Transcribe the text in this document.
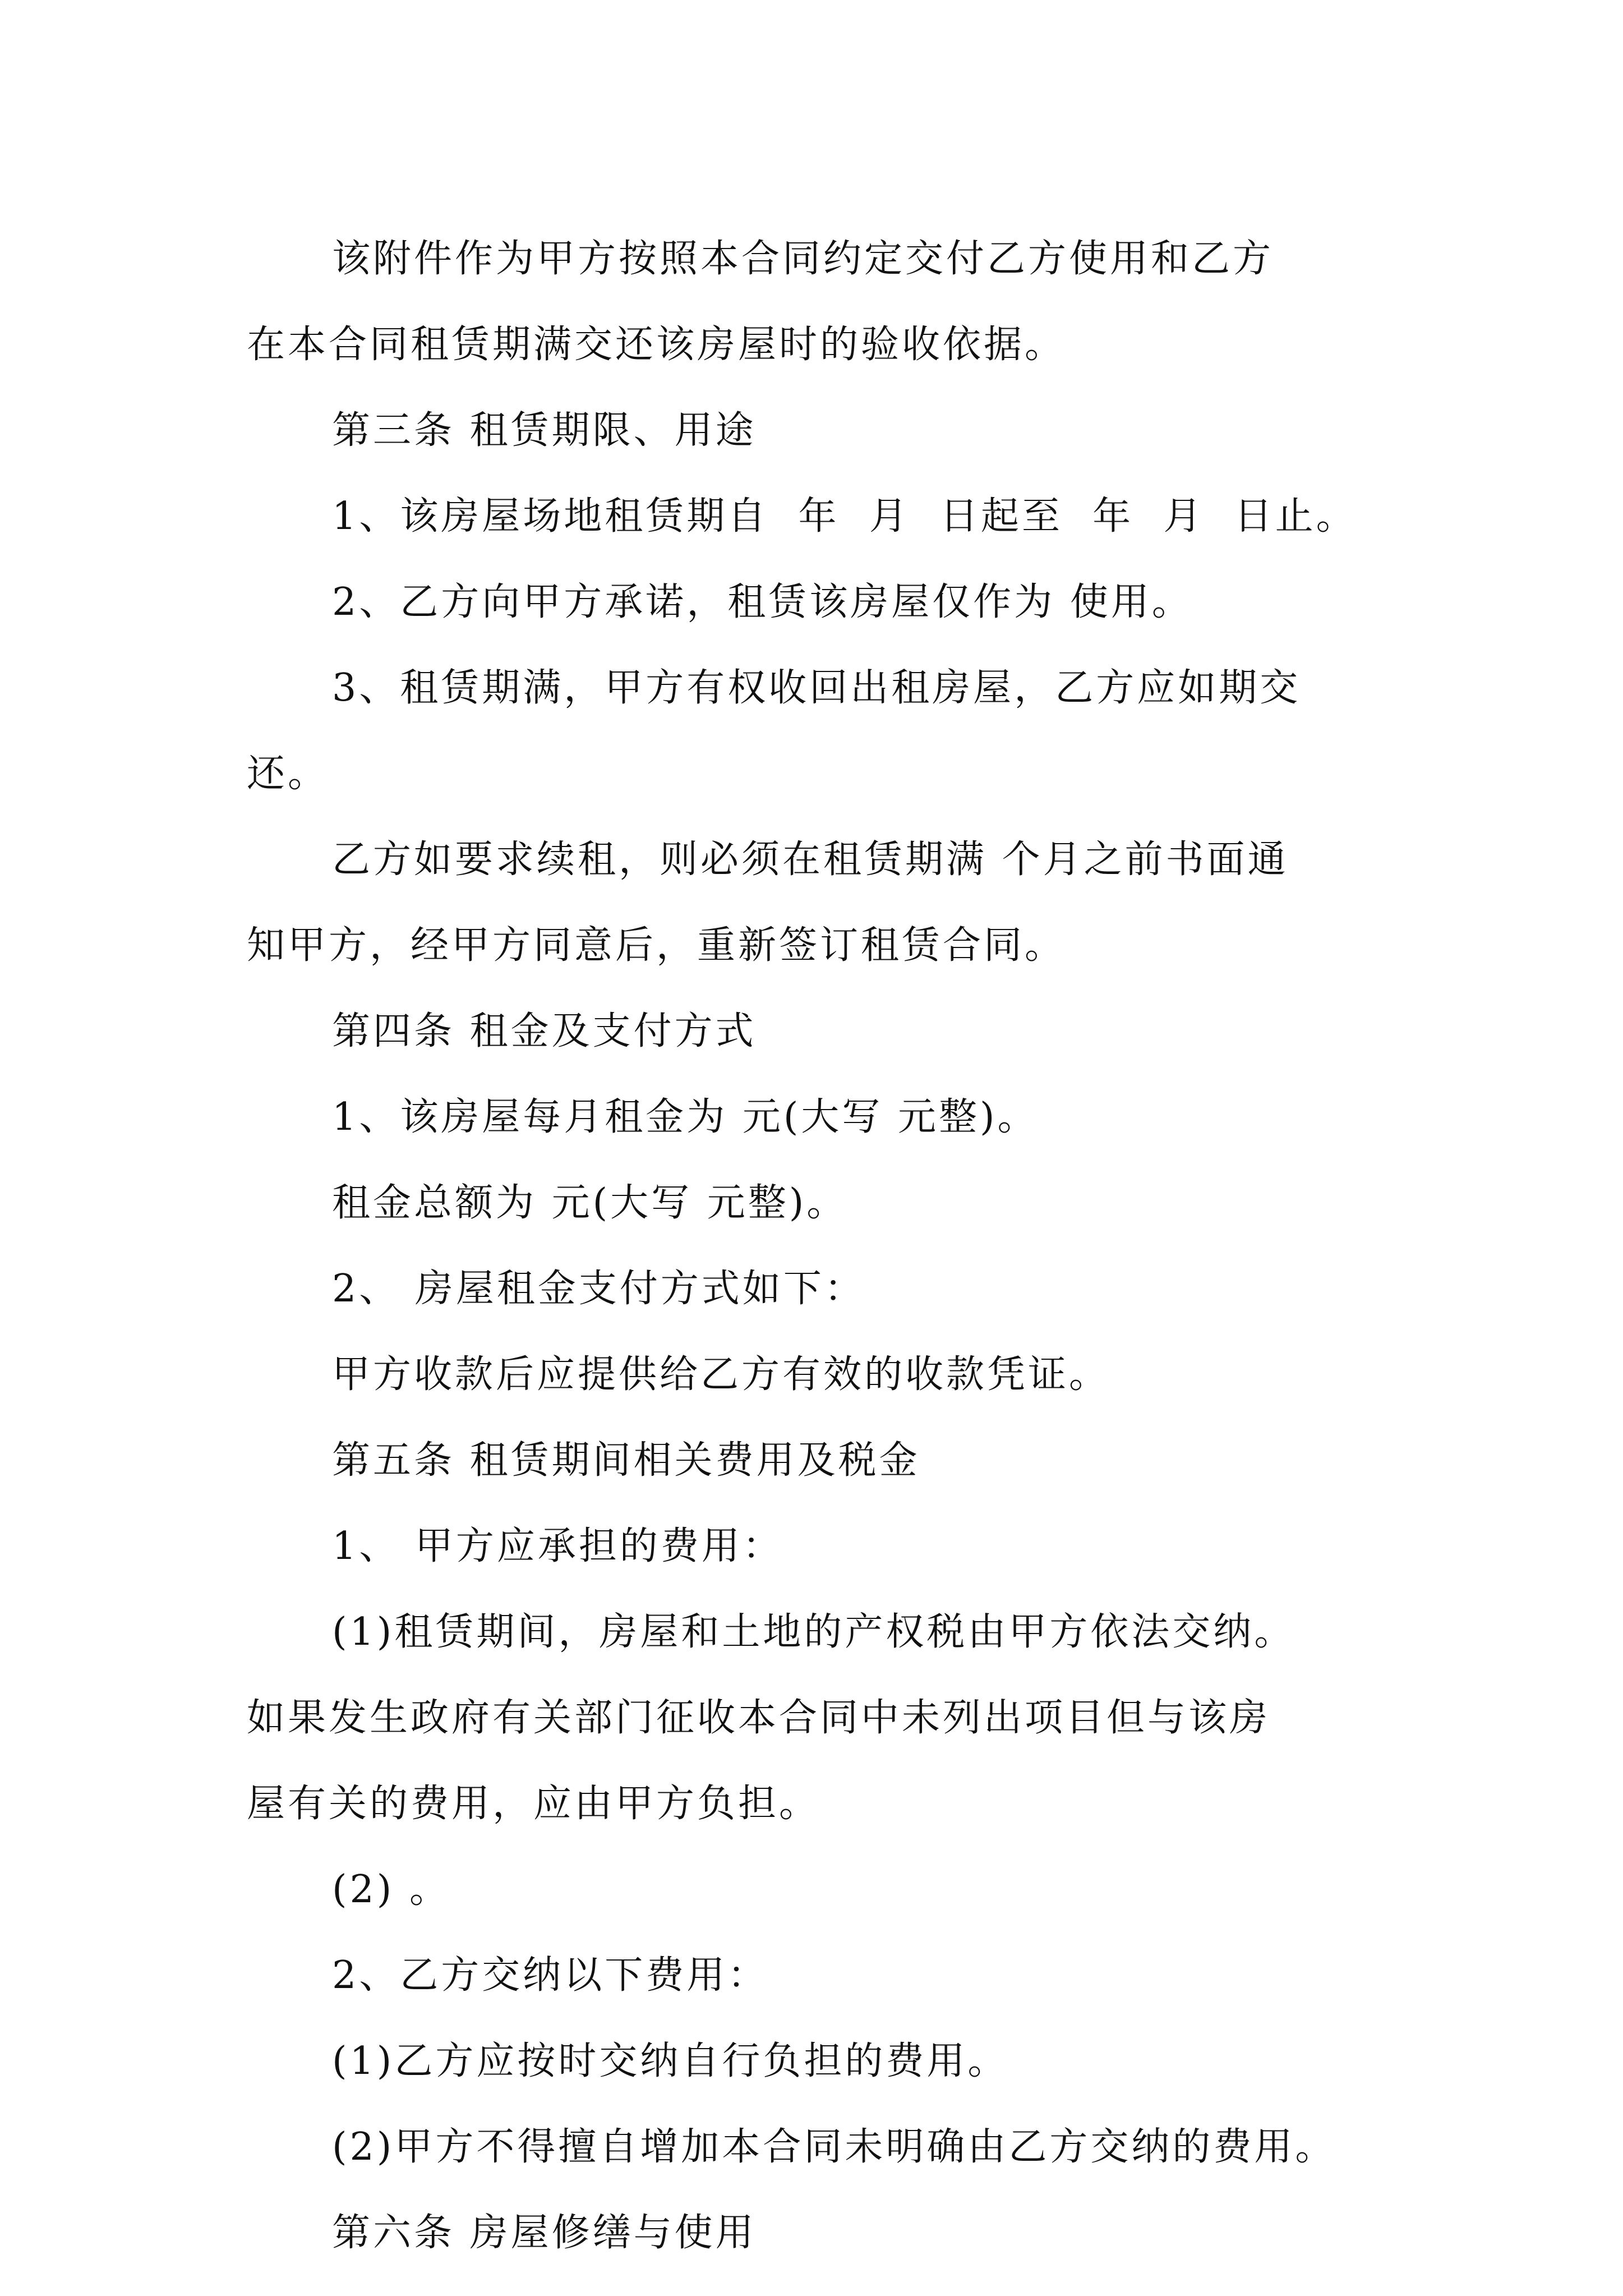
该附件作为甲方按照本合同约定交付乙方使用和乙方
在本合同租赁期满交还该房屋时的验收依据。
第三条 租赁期限、用途
1、该房屋场地租赁期自  年  月  日起至  年  月  日止。
2、乙方向甲方承诺，租赁该房屋仅作为 使用。
3、租赁期满，甲方有权收回出租房屋，乙方应如期交
还。
乙方如要求续租，则必须在租赁期满 个月之前书面通
知甲方，经甲方同意后，重新签订租赁合同。
第四条 租金及支付方式
1、该房屋每月租金为 元(大写 元整)。
租金总额为 元(大写 元整)。
2、 房屋租金支付方式如下：
甲方收款后应提供给乙方有效的收款凭证。
第五条 租赁期间相关费用及税金
1、 甲方应承担的费用：
(1)租赁期间，房屋和土地的产权税由甲方依法交纳。
如果发生政府有关部门征收本合同中未列出项目但与该房
屋有关的费用，应由甲方负担。
(2) 。
2、乙方交纳以下费用：
(1)乙方应按时交纳自行负担的费用。
(2)甲方不得擅自增加本合同未明确由乙方交纳的费用。
第六条 房屋修缮与使用
